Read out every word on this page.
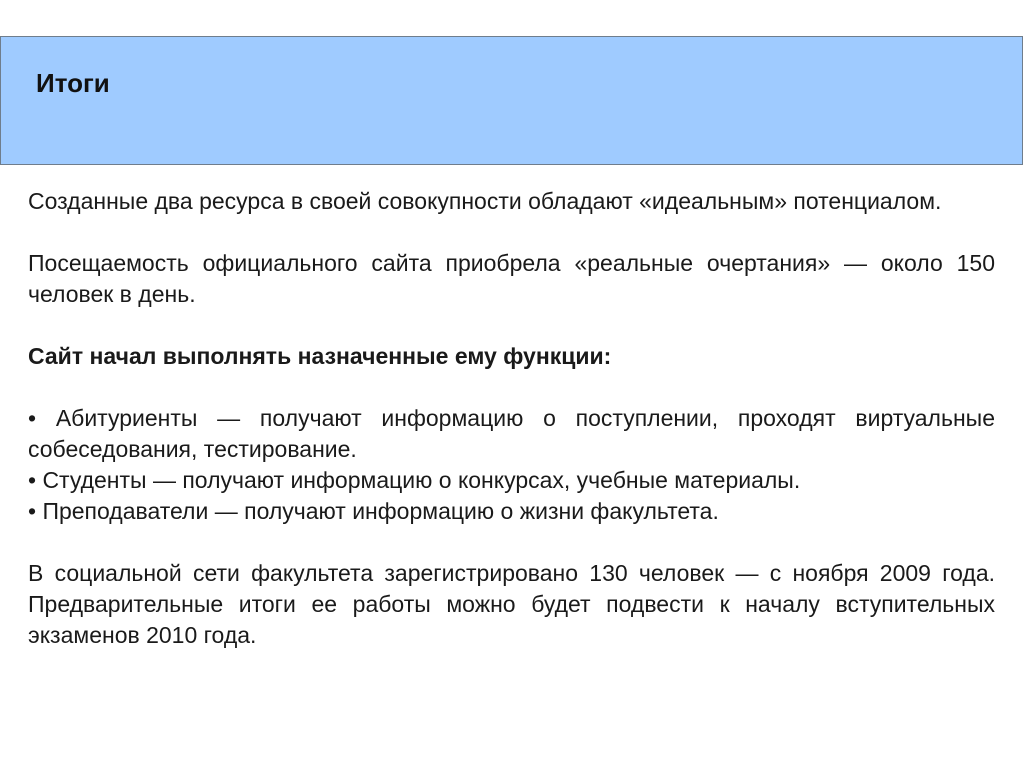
Итоги

Созданные два ресурса в своей совокупности обладают «идеальным» потенциалом.

Посещаемость официального сайта приобрела «реальные очертания» — около 150 человек в день.

Сайт начал выполнять назначенные ему функции:

• Абитуриенты — получают информацию о поступлении, проходят виртуальные собеседования, тестирование.

• Студенты — получают информацию о конкурсах, учебные материалы.

• Преподаватели — получают информацию о жизни факультета.

В социальной сети факультета зарегистрировано 130 человек — с ноября 2009 года. Предварительные итоги ее работы можно будет подвести к началу вступительных экзаменов 2010 года.
